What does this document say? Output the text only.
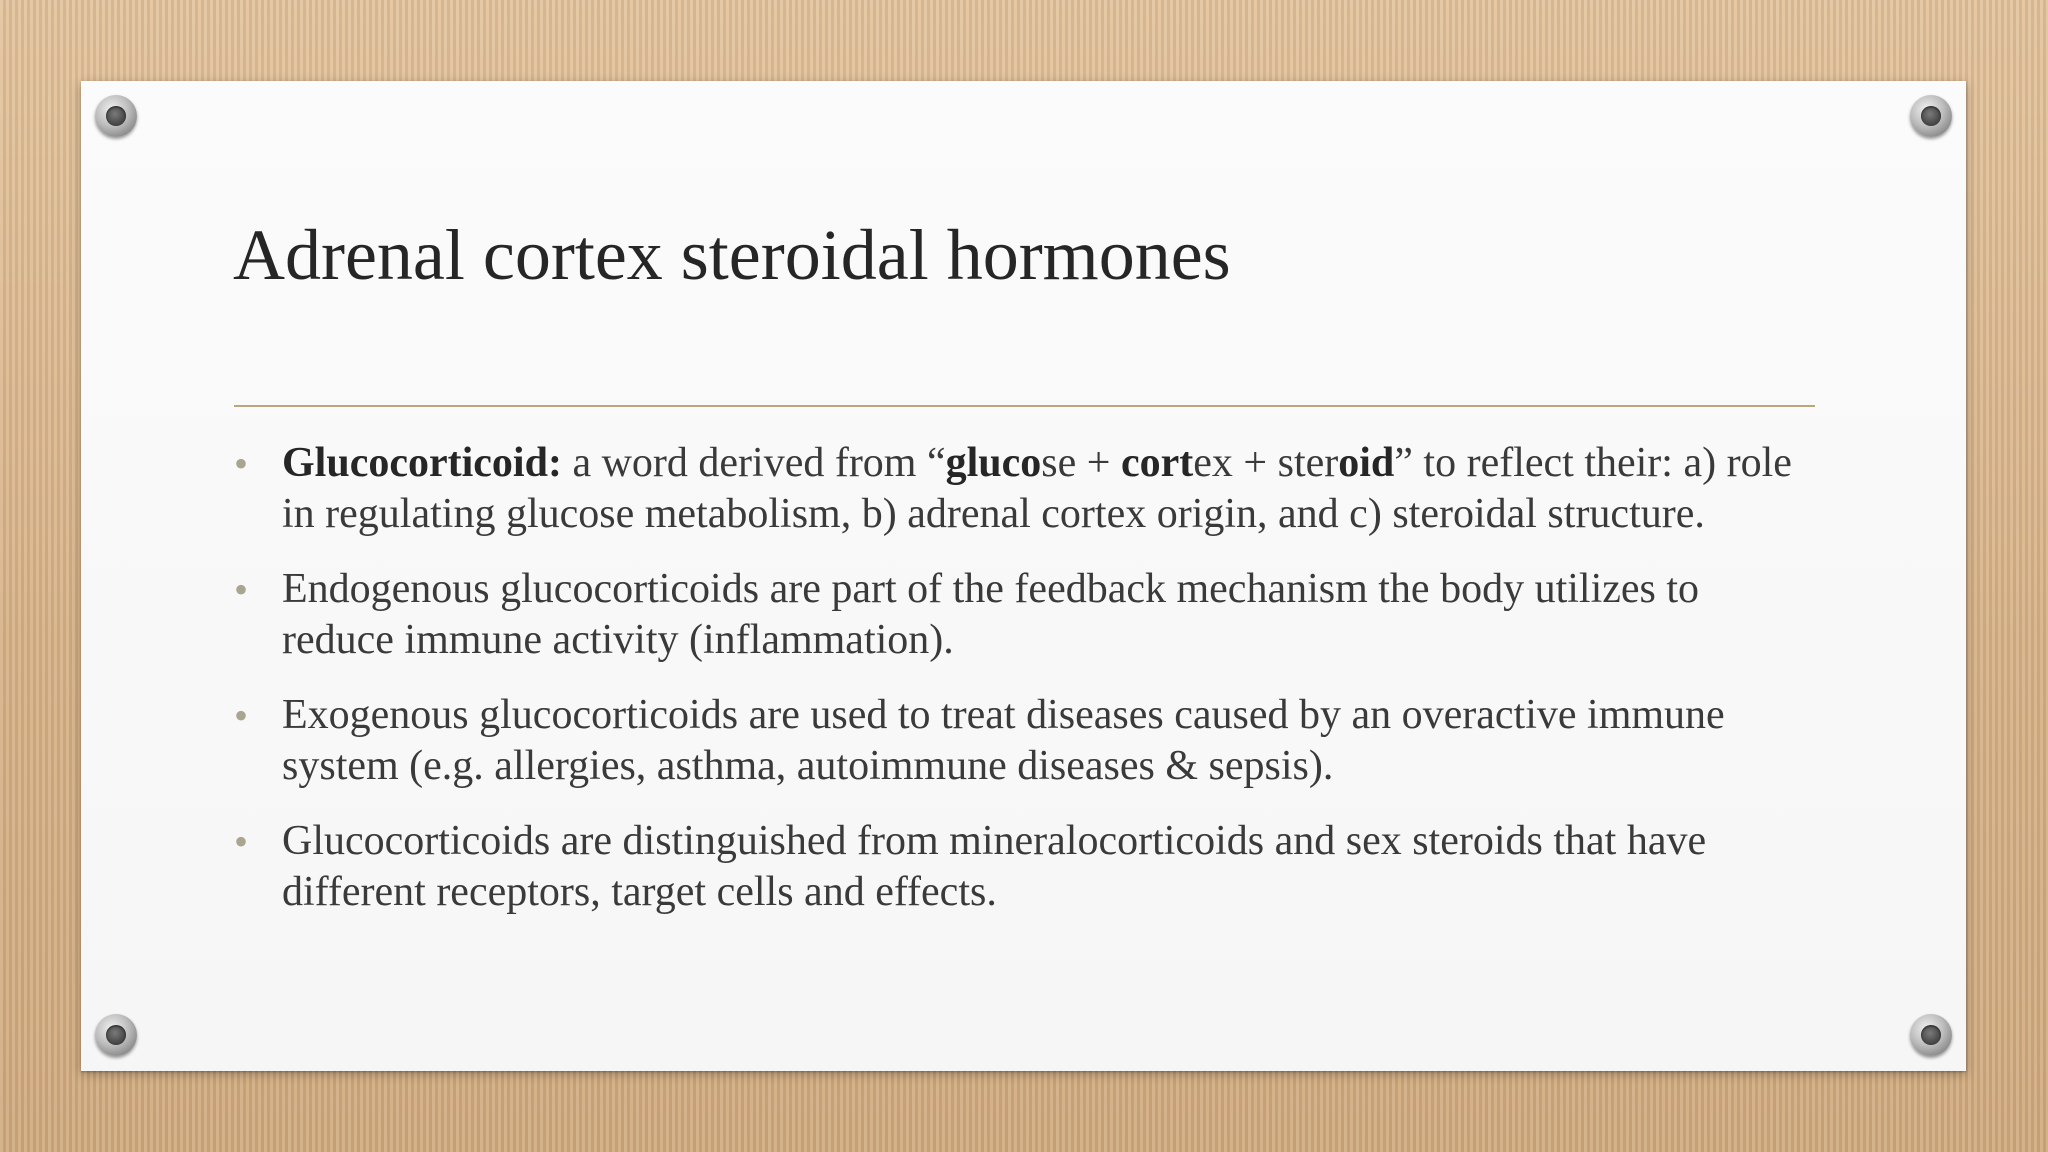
Adrenal cortex steroidal hormones
• Glucocorticoid: a word derived from “glucose + cortex + steroid” to reflect their: a) role in regulating glucose metabolism, b) adrenal cortex origin, and c) steroidal structure.
• Endogenous glucocorticoids are part of the feedback mechanism the body utilizes to reduce immune activity (inflammation).
• Exogenous glucocorticoids are used to treat diseases caused by an overactive immune system (e.g. allergies, asthma, autoimmune diseases & sepsis).
• Glucocorticoids are distinguished from mineralocorticoids and sex steroids that have different receptors, target cells and effects.
